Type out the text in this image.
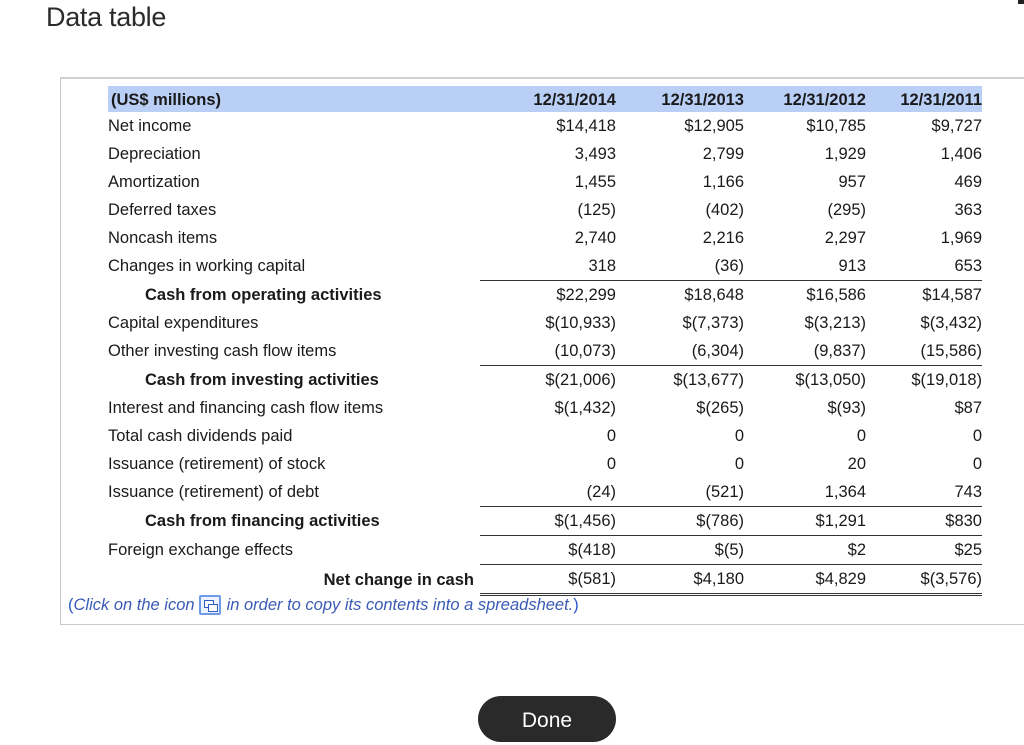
Data table
(US$ millions)	12/31/2014	12/31/2013	12/31/2012	12/31/2011
Net income	$14,418	$12,905	$10,785	$9,727
Depreciation	3,493	2,799	1,929	1,406
Amortization	1,455	1,166	957	469
Deferred taxes	(125)	(402)	(295)	363
Noncash items	2,740	2,216	2,297	1,969
Changes in working capital	318	(36)	913	653
Cash from operating activities	$22,299	$18,648	$16,586	$14,587
Capital expenditures	$(10,933)	$(7,373)	$(3,213)	$(3,432)
Other investing cash flow items	(10,073)	(6,304)	(9,837)	(15,586)
Cash from investing activities	$(21,006)	$(13,677)	$(13,050)	$(19,018)
Interest and financing cash flow items	$(1,432)	$(265)	$(93)	$87
Total cash dividends paid	0	0	0	0
Issuance (retirement) of stock	0	0	20	0
Issuance (retirement) of debt	(24)	(521)	1,364	743
Cash from financing activities	$(1,456)	$(786)	$1,291	$830
Foreign exchange effects	$(418)	$(5)	$2	$25
Net change in cash	$(581)	$4,180	$4,829	$(3,576)
( Click on the icon in order to copy its contents into a spreadsheet. )
Done
